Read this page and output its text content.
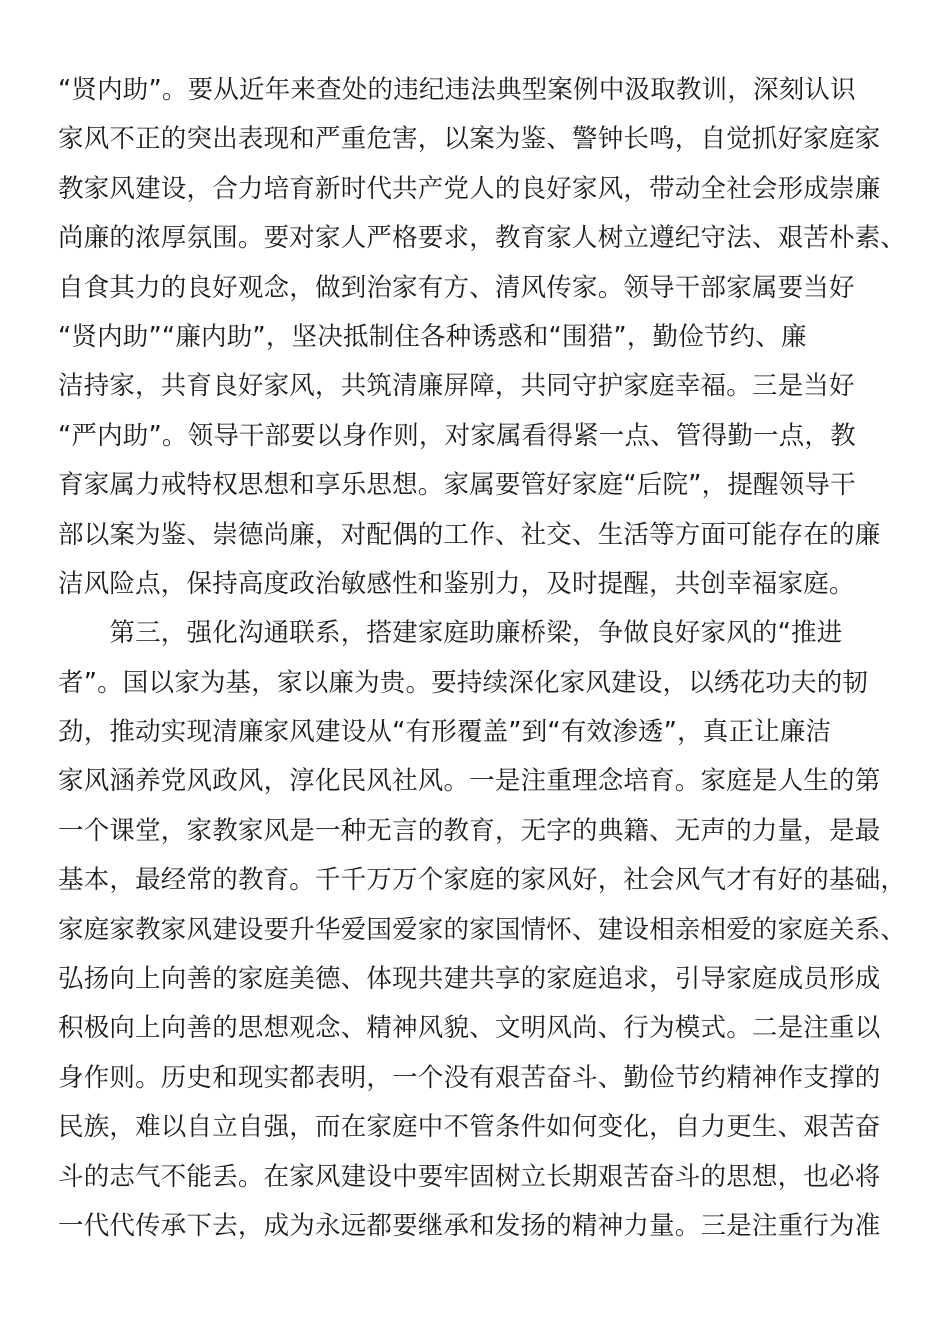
“贤内助”。要从近年来查处的违纪违法典型案例中汲取教训，深刻认识
家风不正的突出表现和严重危害，以案为鉴、警钟长鸣，自觉抓好家庭家
教家风建设，合力培育新时代共产党人的良好家风，带动全社会形成崇廉
尚廉的浓厚氛围。要对家人严格要求，教育家人树立遵纪守法、艰苦朴素、
自食其力的良好观念，做到治家有方、清风传家。领导干部家属要当好
“贤内助”“廉内助”，坚决抵制住各种诱惑和“围猎”，勤俭节约、廉
洁持家，共育良好家风，共筑清廉屏障，共同守护家庭幸福。三是当好
“严内助”。领导干部要以身作则，对家属看得紧一点、管得勤一点，教
育家属力戒特权思想和享乐思想。家属要管好家庭“后院”，提醒领导干
部以案为鉴、崇德尚廉，对配偶的工作、社交、生活等方面可能存在的廉
洁风险点，保持高度政治敏感性和鉴别力，及时提醒，共创幸福家庭。
　　第三，强化沟通联系，搭建家庭助廉桥梁，争做良好家风的“推进
者”。国以家为基，家以廉为贵。要持续深化家风建设，以绣花功夫的韧
劲，推动实现清廉家风建设从“有形覆盖”到“有效渗透”，真正让廉洁
家风涵养党风政风，淳化民风社风。一是注重理念培育。家庭是人生的第
一个课堂，家教家风是一种无言的教育，无字的典籍、无声的力量，是最
基本，最经常的教育。千千万万个家庭的家风好，社会风气才有好的基础，
家庭家教家风建设要升华爱国爱家的家国情怀、建设相亲相爱的家庭关系、
弘扬向上向善的家庭美德、体现共建共享的家庭追求，引导家庭成员形成
积极向上向善的思想观念、精神风貌、文明风尚、行为模式。二是注重以
身作则。历史和现实都表明，一个没有艰苦奋斗、勤俭节约精神作支撑的
民族，难以自立自强，而在家庭中不管条件如何变化，自力更生、艰苦奋
斗的志气不能丢。在家风建设中要牢固树立长期艰苦奋斗的思想，也必将
一代代传承下去，成为永远都要继承和发扬的精神力量。三是注重行为准
